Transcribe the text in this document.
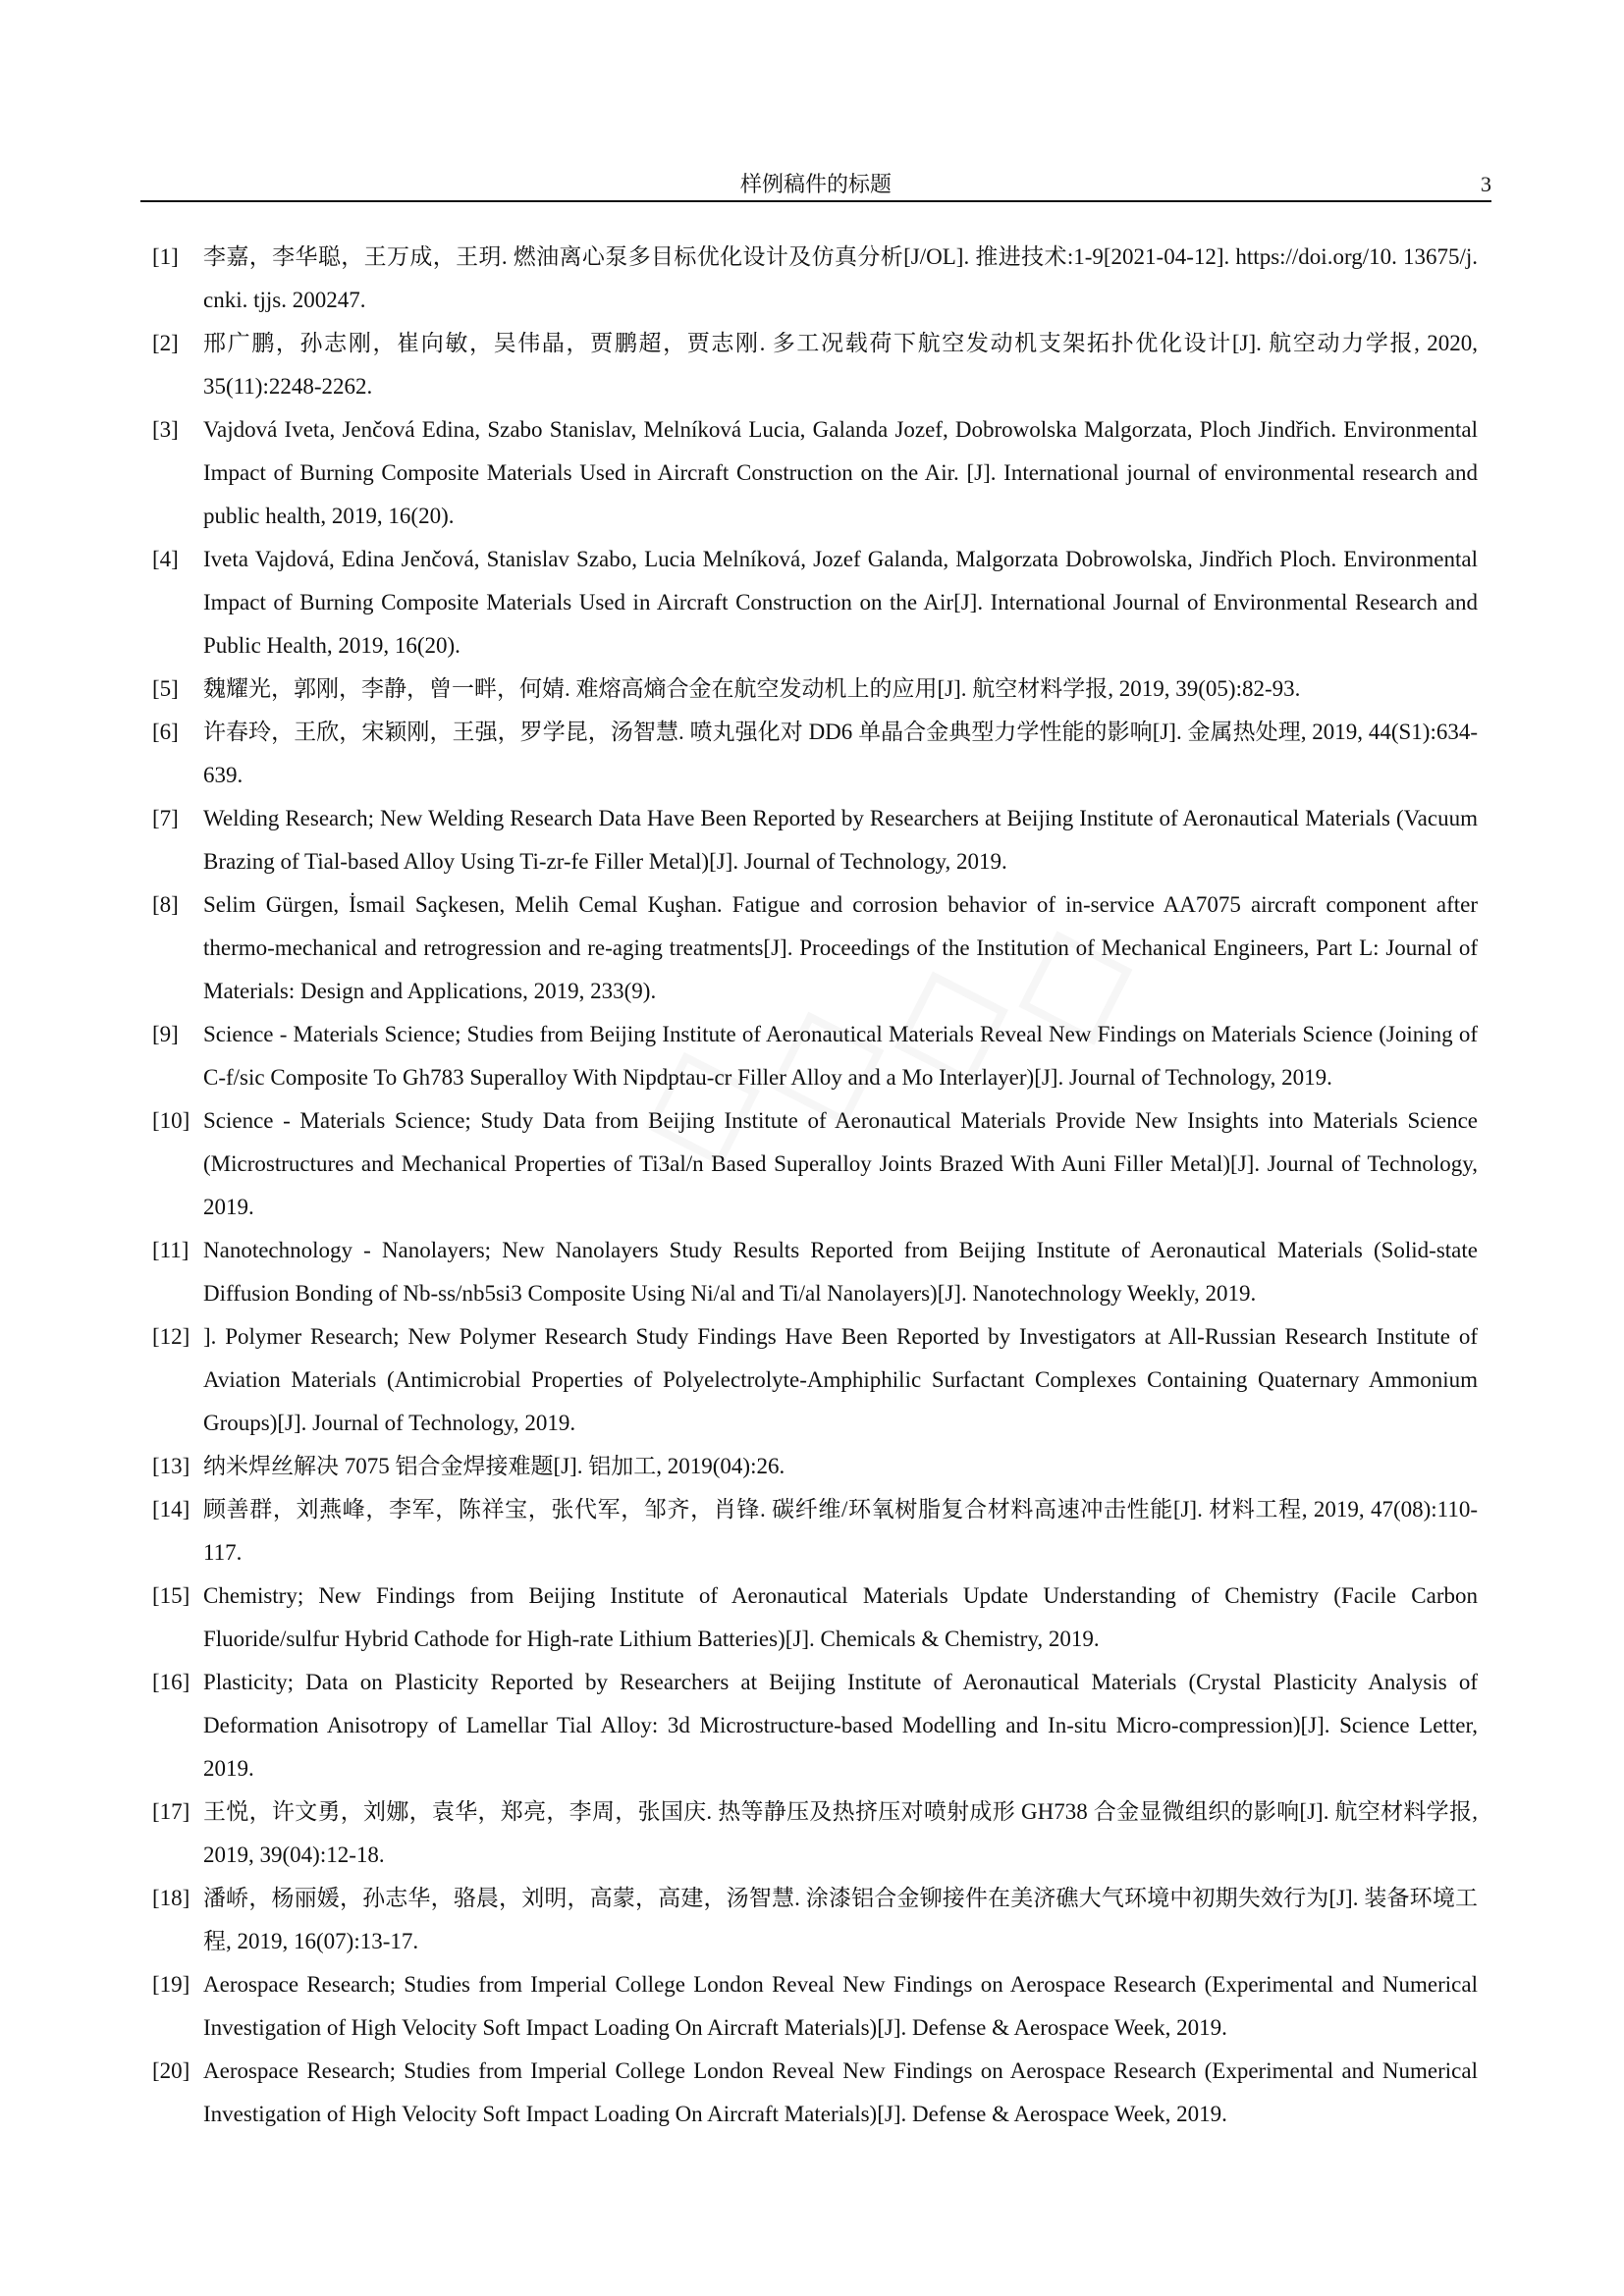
样例稿件的标题	3
[1]	李嘉，李华聪，王万成，王玥. 燃油离心泵多目标优化设计及仿真分析[J/OL]. 推进技术:1-9[2021-04-12]. https://doi.org/10. 13675/j. cnki. tjjs. 200247.
[2]	邢广鹏，孙志刚，崔向敏，吴伟晶，贾鹏超，贾志刚. 多工况载荷下航空发动机支架拓扑优化设计[J]. 航空动力学报, 2020, 35(11):2248-2262.
[3]	Vajdová Iveta, Jenčová Edina, Szabo Stanislav, Melníková Lucia, Galanda Jozef, Dobrowolska Malgorzata, Ploch Jindřich. Environmental Impact of Burning Composite Materials Used in Aircraft Construction on the Air. [J]. International journal of environmental research and public health, 2019, 16(20).
[4]	Iveta Vajdová, Edina Jenčová, Stanislav Szabo, Lucia Melníková, Jozef Galanda, Malgorzata Dobrowolska, Jindřich Ploch. Environmental Impact of Burning Composite Materials Used in Aircraft Construction on the Air[J]. International Journal of Environmental Research and Public Health, 2019, 16(20).
[5]	魏耀光，郭刚，李静，曾一畔，何婧. 难熔高熵合金在航空发动机上的应用[J]. 航空材料学报, 2019, 39(05):82-93.
[6]	许春玲，王欣，宋颖刚，王强，罗学昆，汤智慧. 喷丸强化对 DD6 单晶合金典型力学性能的影响[J]. 金属热处理, 2019, 44(S1):634-639.
[7]	Welding Research; New Welding Research Data Have Been Reported by Researchers at Beijing Institute of Aeronautical Materials (Vacuum Brazing of Tial-based Alloy Using Ti-zr-fe Filler Metal)[J]. Journal of Technology, 2019.
[8]	Selim Gürgen, İsmail Saçkesen, Melih Cemal Kuşhan. Fatigue and corrosion behavior of in-service AA7075 aircraft component after thermo-mechanical and retrogression and re-aging treatments[J]. Proceedings of the Institution of Mechanical Engineers, Part L: Journal of Materials: Design and Applications, 2019, 233(9).
[9]	Science - Materials Science; Studies from Beijing Institute of Aeronautical Materials Reveal New Findings on Materials Science (Joining of C-f/sic Composite To Gh783 Superalloy With Nipdptau-cr Filler Alloy and a Mo Interlayer)[J]. Journal of Technology, 2019.
[10] Science - Materials Science; Study Data from Beijing Institute of Aeronautical Materials Provide New Insights into Materials Science (Microstructures and Mechanical Properties of Ti3al/n Based Superalloy Joints Brazed With Auni Filler Metal)[J]. Journal of Technology, 2019.
[11] Nanotechnology - Nanolayers; New Nanolayers Study Results Reported from Beijing Institute of Aeronautical Materials (Solid-state Diffusion Bonding of Nb-ss/nb5si3 Composite Using Ni/al and Ti/al Nanolayers)[J]. Nanotechnology Weekly, 2019.
[12] ]. Polymer Research; New Polymer Research Study Findings Have Been Reported by Investigators at All-Russian Research Institute of Aviation Materials (Antimicrobial Properties of Polyelectrolyte-Amphiphilic Surfactant Complexes Containing Quaternary Ammonium Groups)[J]. Journal of Technology, 2019.
[13] 纳米焊丝解决 7075 铝合金焊接难题[J]. 铝加工, 2019(04):26.
[14] 顾善群，刘燕峰，李军，陈祥宝，张代军，邹齐，肖锋. 碳纤维/环氧树脂复合材料高速冲击性能[J]. 材料工程, 2019, 47(08):110-117.
[15] Chemistry; New Findings from Beijing Institute of Aeronautical Materials Update Understanding of Chemistry (Facile Carbon Fluoride/sulfur Hybrid Cathode for High-rate Lithium Batteries)[J]. Chemicals & Chemistry, 2019.
[16] Plasticity; Data on Plasticity Reported by Researchers at Beijing Institute of Aeronautical Materials (Crystal Plasticity Analysis of Deformation Anisotropy of Lamellar Tial Alloy: 3d Microstructure-based Modelling and In-situ Micro-compression)[J]. Science Letter, 2019.
[17] 王悦，许文勇，刘娜，袁华，郑亮，李周，张国庆. 热等静压及热挤压对喷射成形 GH738 合金显微组织的影响[J]. 航空材料学报, 2019, 39(04):12-18.
[18] 潘峤，杨丽媛，孙志华，骆晨，刘明，高蒙，高建，汤智慧. 涂漆铝合金铆接件在美济礁大气环境中初期失效行为[J]. 装备环境工程, 2019, 16(07):13-17.
[19] Aerospace Research; Studies from Imperial College London Reveal New Findings on Aerospace Research (Experimental and Numerical Investigation of High Velocity Soft Impact Loading On Aircraft Materials)[J]. Defense & Aerospace Week, 2019.
[20] Aerospace Research; Studies from Imperial College London Reveal New Findings on Aerospace Research (Experimental and Numerical Investigation of High Velocity Soft Impact Loading On Aircraft Materials)[J]. Defense & Aerospace Week, 2019.
